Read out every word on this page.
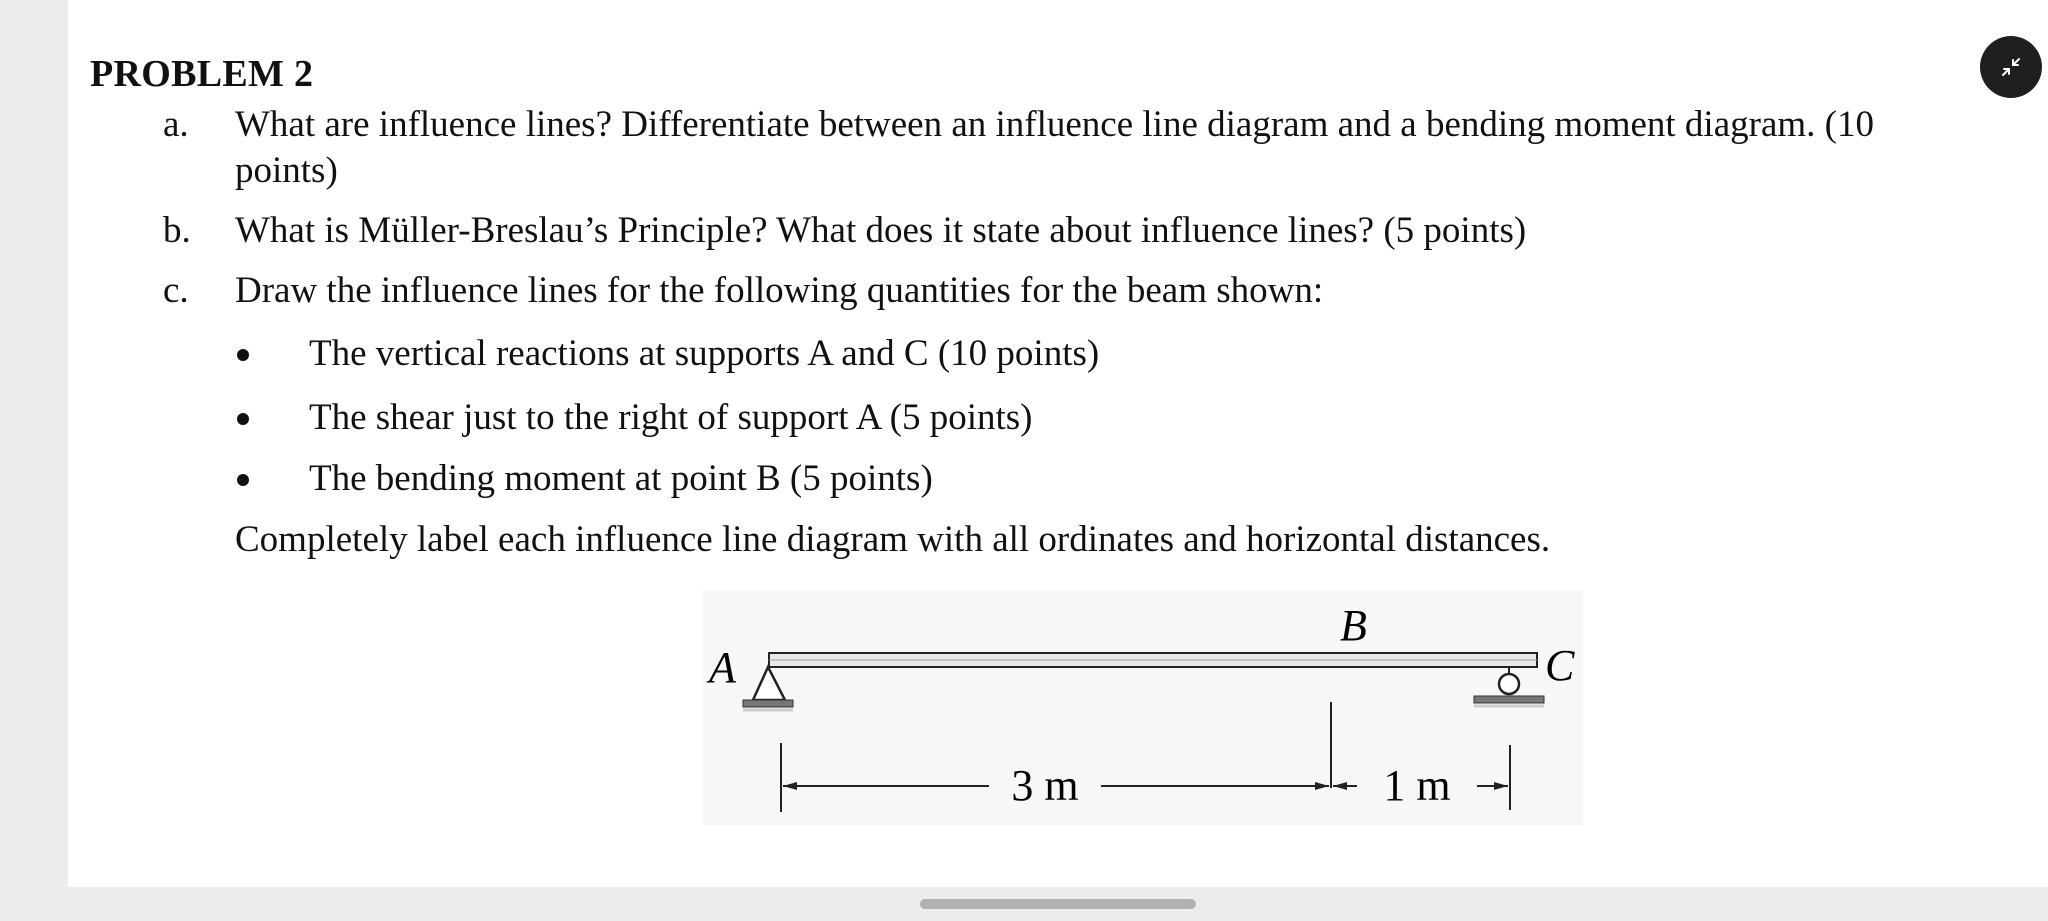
PROBLEM 2
a. What are influence lines? Differentiate between an influence line diagram and a bending moment diagram. (10
points)
b. What is Müller-Breslau’s Principle? What does it state about influence lines? (5 points)
c. Draw the influence lines for the following quantities for the beam shown:
The vertical reactions at supports A and C (10 points)
The shear just to the right of support A (5 points)
The bending moment at point B (5 points)
Completely label each influence line diagram with all ordinates and horizontal distances.
B
A	C
3 m	1 m
